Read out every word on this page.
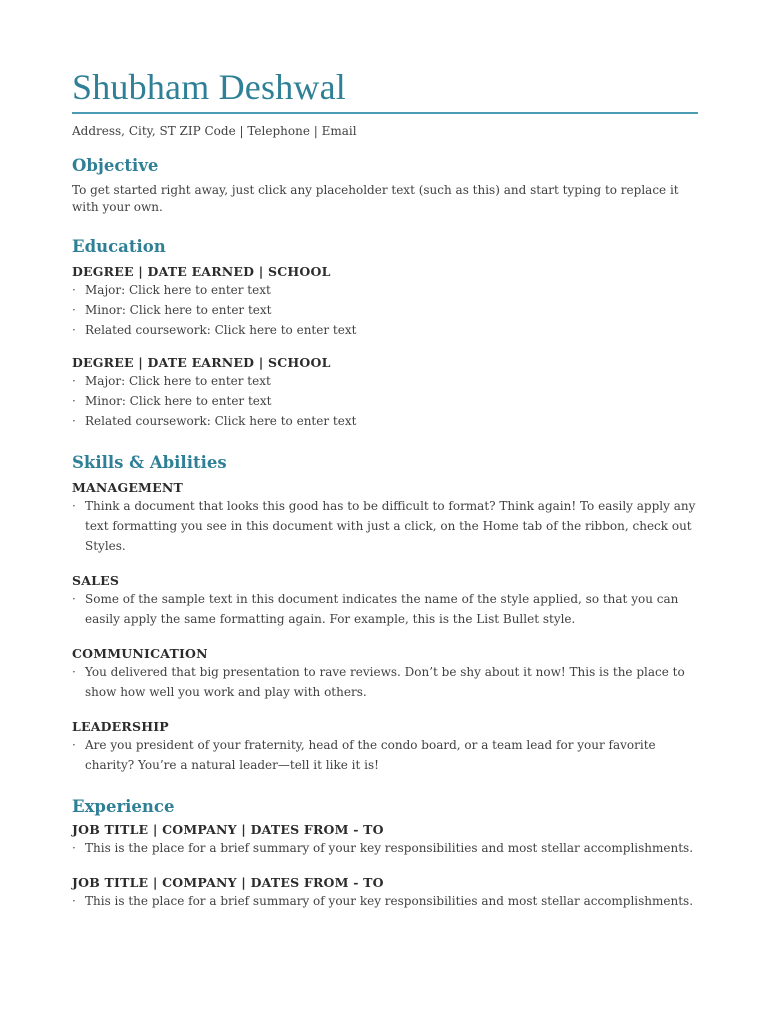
Shubham Deshwal
Address, City, ST ZIP Code | Telephone | Email
Objective
To get started right away, just click any placeholder text (such as this) and start typing to replace it with your own.
Education
DEGREE | DATE EARNED | SCHOOL
· Major: Click here to enter text
· Minor: Click here to enter text
· Related coursework: Click here to enter text
DEGREE | DATE EARNED | SCHOOL
· Major: Click here to enter text
· Minor: Click here to enter text
· Related coursework: Click here to enter text
Skills & Abilities
MANAGEMENT
· Think a document that looks this good has to be difficult to format? Think again! To easily apply any text formatting you see in this document with just a click, on the Home tab of the ribbon, check out Styles.
SALES
· Some of the sample text in this document indicates the name of the style applied, so that you can easily apply the same formatting again. For example, this is the List Bullet style.
COMMUNICATION
· You delivered that big presentation to rave reviews. Don’t be shy about it now! This is the place to show how well you work and play with others.
LEADERSHIP
· Are you president of your fraternity, head of the condo board, or a team lead for your favorite charity? You’re a natural leader—tell it like it is!
Experience
JOB TITLE | COMPANY | DATES FROM - TO
· This is the place for a brief summary of your key responsibilities and most stellar accomplishments.
JOB TITLE | COMPANY | DATES FROM - TO
· This is the place for a brief summary of your key responsibilities and most stellar accomplishments.
